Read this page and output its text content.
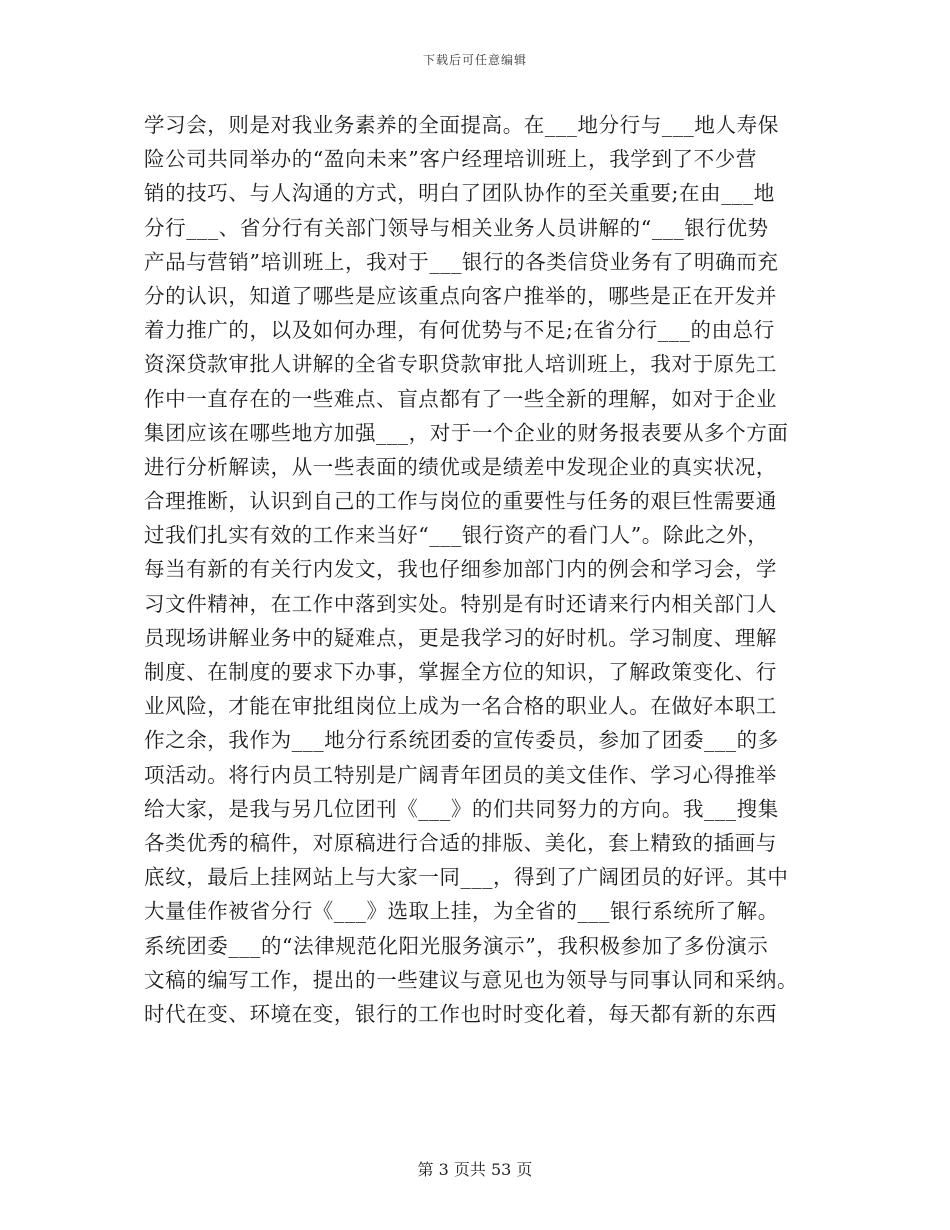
下载后可任意编辑
学习会，则是对我业务素养的全面提高。在___地分行与___地人寿保
险公司共同举办的“盈向未来”客户经理培训班上，我学到了不少营
销的技巧、与人沟通的方式，明白了团队协作的至关重要;在由___地
分行___、省分行有关部门领导与相关业务人员讲解的“___银行优势
产品与营销”培训班上，我对于___银行的各类信贷业务有了明确而充
分的认识，知道了哪些是应该重点向客户推举的，哪些是正在开发并
着力推广的，以及如何办理，有何优势与不足;在省分行___的由总行
资深贷款审批人讲解的全省专职贷款审批人培训班上，我对于原先工
作中一直存在的一些难点、盲点都有了一些全新的理解，如对于企业
集团应该在哪些地方加强___，对于一个企业的财务报表要从多个方面
进行分析解读，从一些表面的绩优或是绩差中发现企业的真实状况，
合理推断，认识到自己的工作与岗位的重要性与任务的艰巨性需要通
过我们扎实有效的工作来当好“___银行资产的看门人”。除此之外，
每当有新的有关行内发文，我也仔细参加部门内的例会和学习会，学
习文件精神，在工作中落到实处。特别是有时还请来行内相关部门人
员现场讲解业务中的疑难点，更是我学习的好时机。学习制度、理解
制度、在制度的要求下办事，掌握全方位的知识，了解政策变化、行
业风险，才能在审批组岗位上成为一名合格的职业人。在做好本职工
作之余，我作为___地分行系统团委的宣传委员，参加了团委___的多
项活动。将行内员工特别是广阔青年团员的美文佳作、学习心得推举
给大家，是我与另几位团刊《___》的们共同努力的方向。我___搜集
各类优秀的稿件，对原稿进行合适的排版、美化，套上精致的插画与
底纹，最后上挂网站上与大家一同___，得到了广阔团员的好评。其中
大量佳作被省分行《___》选取上挂，为全省的___银行系统所了解。
系统团委___的“法律规范化阳光服务演示”，我积极参加了多份演示
文稿的编写工作，提出的一些建议与意见也为领导与同事认同和采纳。
时代在变、环境在变，银行的工作也时时变化着，每天都有新的东西
第 3 页共 53 页
